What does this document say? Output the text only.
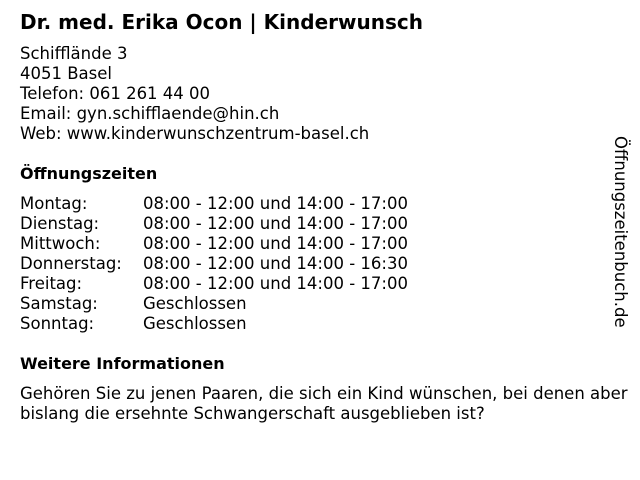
Dr. med. Erika Ocon | Kinderwunsch
Schifflände 3
4051 Basel
Telefon: 061 261 44 00
Email: gyn.schifflaende@hin.ch
Web: www.kinderwunschzentrum-basel.ch
Öffnungszeiten
Montag:	08:00 - 12:00 und 14:00 - 17:00
Dienstag:	08:00 - 12:00 und 14:00 - 17:00
Mittwoch:	08:00 - 12:00 und 14:00 - 17:00
Donnerstag:	08:00 - 12:00 und 14:00 - 16:30
Freitag:	08:00 - 12:00 und 14:00 - 17:00
Samstag:	Geschlossen
Sonntag:	Geschlossen
Weitere Informationen
Gehören Sie zu jenen Paaren, die sich ein Kind wünschen, bei denen aber bislang die ersehnte Schwangerschaft ausgeblieben ist?
Öffnungszeitenbuch.de
